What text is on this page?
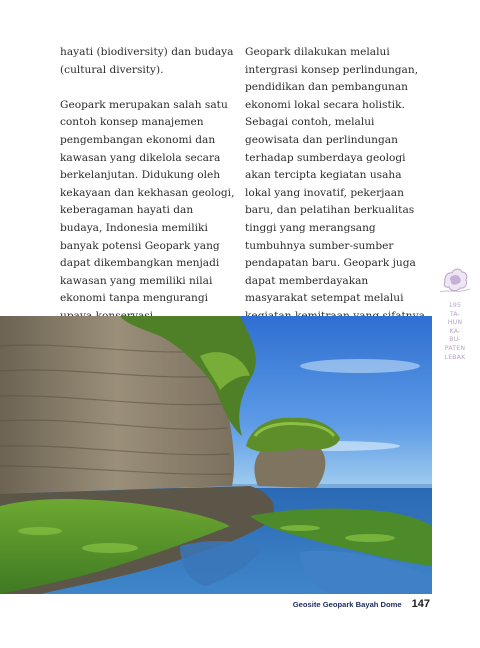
hayati (biodiversity) dan budaya (cultural diversity).

Geopark merupakan salah satu contoh konsep manajemen pengembangan ekonomi dan kawasan yang dikelola secara berkelanjutan. Didukung oleh kekayaan dan kekhasan geologi, keberagaman hayati dan budaya, Indonesia memiliki banyak potensi Geopark yang dapat dikembangkan menjadi kawasan yang memiliki nilai ekonomi tanpa mengurangi

Geopark dilakukan melalui intergrasi konsep perlindungan, pendidikan dan pembangunan ekonomi lokal secara holistik. Sebagai contoh, melalui geowisata dan perlindungan terhadap sumberdaya geologi akan tercipta kegiatan usaha lokal yang inovatif, pekerjaan baru, dan pelatihan berkualitas tinggi yang merangsang tumbuhnya sumber-sumber pendapatan baru. Geopark juga dapat memberdayakan masyarakat setempat melalui

195
TA-
HUN
KA-
BU-
PATEN
LEBAK
Geosite Geopark Bayah Dome 147
